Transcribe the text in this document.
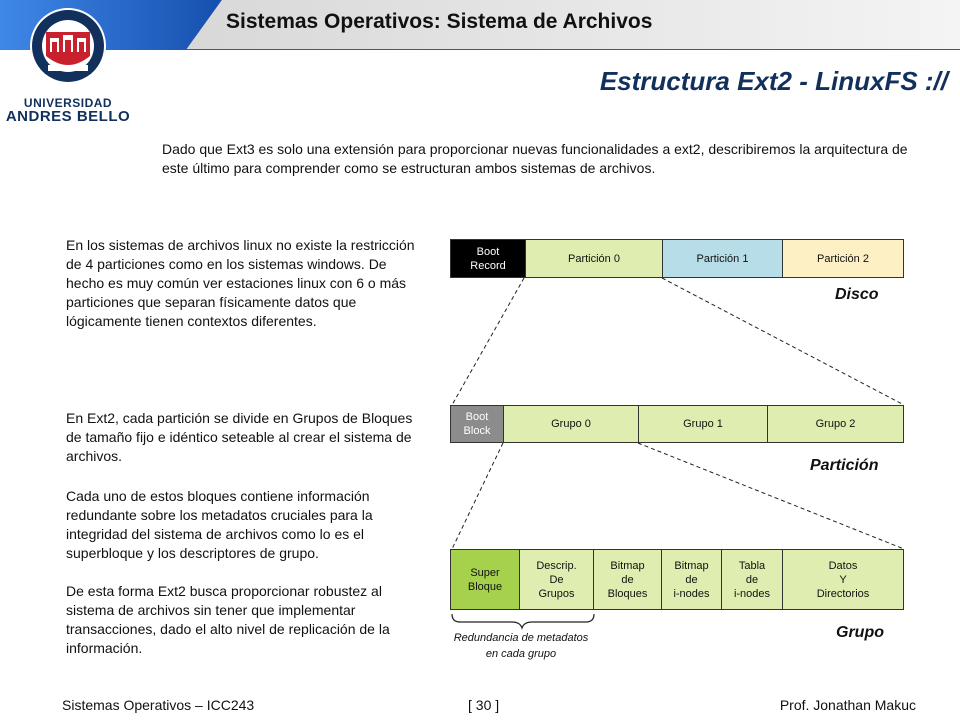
Sistemas Operativos: Sistema de Archivos
UNIVERSIDAD
ANDRES BELLO
Estructura Ext2 - LinuxFS ://
Dado que Ext3 es solo una extensión para proporcionar nuevas funcionalidades a ext2, describiremos la arquitectura de este último para comprender como se estructuran ambos sistemas de archivos.
En los sistemas de archivos linux no existe la restricción de 4 particiones como en los sistemas windows. De hecho es muy común ver estaciones linux con 6 o más particiones que separan físicamente datos que lógicamente tienen contextos diferentes.
En Ext2, cada partición se divide en Grupos de Bloques de tamaño fijo e idéntico seteable al crear el sistema de archivos.
Cada uno de estos bloques contiene información redundante sobre los metadatos cruciales para la integridad del sistema de archivos como lo es el superbloque y los descriptores de grupo.
De esta forma Ext2 busca proporcionar robustez al sistema de archivos sin tener que implementar transacciones, dado el alto nivel de replicación de la información.
Boot
Record
Partición 0	Partición 1	Partición 2
Disco
Boot
Block
Grupo 0	Grupo 1	Grupo 2
Partición
Super
Bloque
Descrip.
De
Grupos
Bitmap
de
Bloques
Bitmap
de
i-nodes
Tabla
de
i-nodes
Datos
Y
Directorios
Grupo
Redundancia de metadatos
en cada grupo
Sistemas Operativos – ICC243	[ 30 ]	Prof. Jonathan Makuc
